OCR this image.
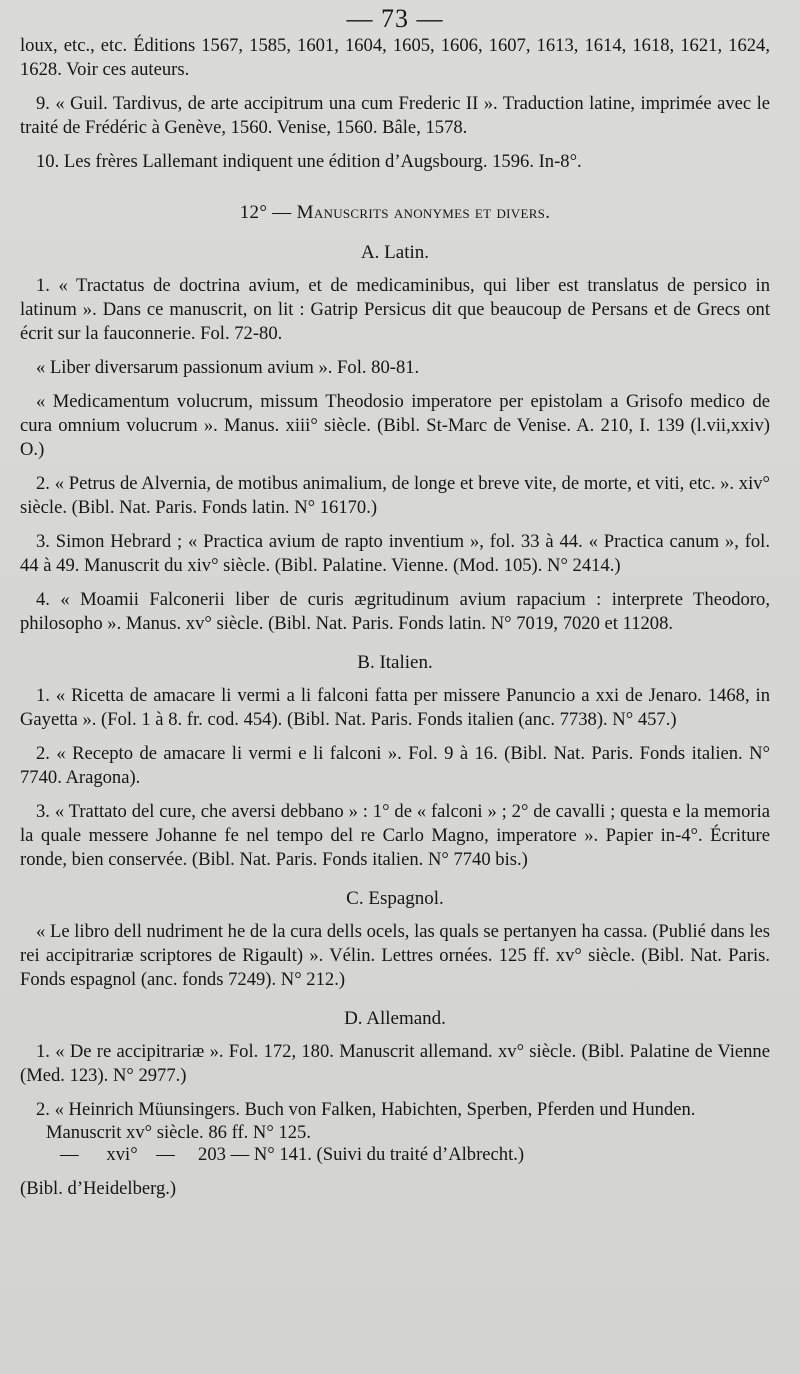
— 73 —

loux, etc., etc. Éditions 1567, 1585, 1601, 1604, 1605, 1606, 1607, 1613, 1614, 1618, 1621, 1624, 1628. Voir ces auteurs.

9. « Guil. Tardivus, de arte accipitrum una cum Frederic II ». Traduction latine, imprimée avec le traité de Frédéric à Genève, 1560. Venise, 1560. Bâle, 1578.

10. Les frères Lallemant indiquent une édition d’Augsbourg. 1596. In-8°.

12° — Manuscrits anonymes et divers.
A. Latin.

1. « Tractatus de doctrina avium, et de medicaminibus, qui liber est translatus de persico in latinum ». Dans ce manuscrit, on lit : Gatrip Persicus dit que beaucoup de Persans et de Grecs ont écrit sur la fauconnerie. Fol. 72-80.

« Liber diversarum passionum avium ». Fol. 80-81.

« Medicamentum volucrum, missum Theodosio imperatore per epistolam a Grisofo medico de cura omnium volucrum ». Manus. xiii° siècle. (Bibl. St-Marc de Venise. A. 210, I. 139 (l.vii,xxiv) O.)

2. « Petrus de Alvernia, de motibus animalium, de longe et breve vite, de morte, et viti, etc. ». xiv° siècle. (Bibl. Nat. Paris. Fonds latin. N° 16170.)

3. Simon Hebrard ; « Practica avium de rapto inventium », fol. 33 à 44. « Practica canum », fol. 44 à 49. Manuscrit du xiv° siècle. (Bibl. Palatine. Vienne. (Mod. 105). N° 2414.)

4. « Moamii Falconerii liber de curis ægritudinum avium rapacium : interprete Theodoro, philosopho ». Manus. xv° siècle. (Bibl. Nat. Paris. Fonds latin. N° 7019, 7020 et 11208.

B. Italien.

1. « Ricetta de amacare li vermi a li falconi fatta per missere Panuncio a xxi de Jenaro. 1468, in Gayetta ». (Fol. 1 à 8. fr. cod. 454). (Bibl. Nat. Paris. Fonds italien (anc. 7738). N° 457.)

2. « Recepto de amacare li vermi e li falconi ». Fol. 9 à 16. (Bibl. Nat. Paris. Fonds italien. N° 7740. Aragona).

3. « Trattato del cure, che aversi debbano » : 1° de « falconi » ; 2° de cavalli ; questa e la memoria la quale messere Johanne fe nel tempo del re Carlo Magno, imperatore ». Papier in-4°. Écriture ronde, bien conservée. (Bibl. Nat. Paris. Fonds italien. N° 7740 bis.)

C. Espagnol.

« Le libro dell nudriment he de la cura dells ocels, las quals se pertanyen ha cassa. (Publié dans les rei accipitrariæ scriptores de Rigault) ». Vélin. Lettres ornées. 125 ff. xv° siècle. (Bibl. Nat. Paris. Fonds espagnol (anc. fonds 7249). N° 212.)

D. Allemand.

1. « De re accipitrariæ ». Fol. 172, 180. Manuscrit allemand. xv° siècle. (Bibl. Palatine de Vienne (Med. 123). N° 2977.)

2. « Heinrich Müunsingers. Buch von Falken, Habichten, Sperben, Pferden und Hunden.

Manuscrit xv° siècle. 86 ff. N° 125.
—      xvi°    —     203 — N° 141. (Suivi du traité d’Albrecht.)
(Bibl. d’Heidelberg.)
